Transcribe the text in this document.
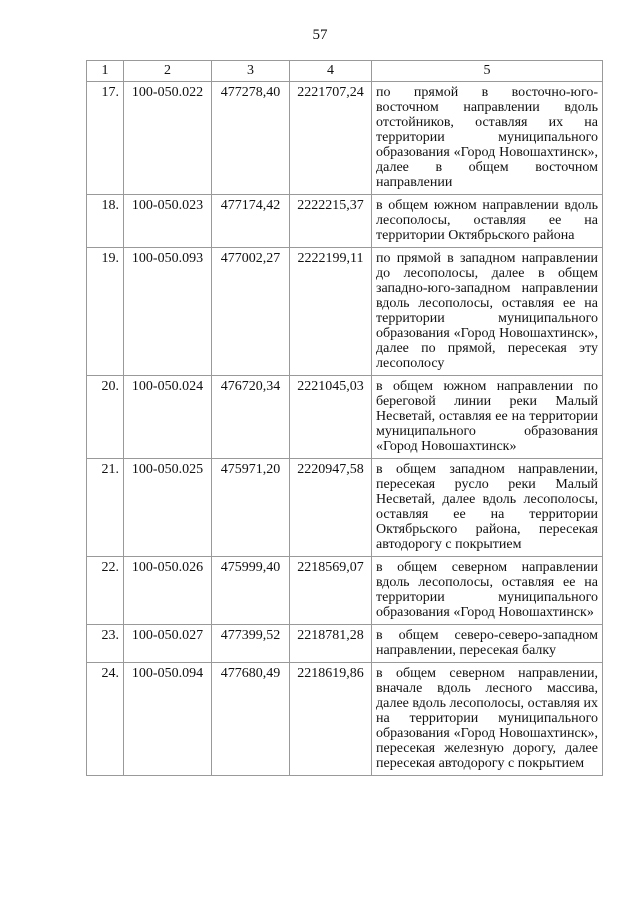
57
1	2	3	4	5
17.	100-050.022	477278,40	2221707,24	по прямой в восточно-юго-восточном направлении вдоль отстойников, оставляя их на территории муниципального образования «Город Новошахтинск», далее в общем восточном направлении
18.	100-050.023	477174,42	2222215,37	в общем южном направлении вдоль лесополосы, оставляя ее на территории Октябрьского района
19.	100-050.093	477002,27	2222199,11	по прямой в западном направлении до лесополосы, далее в общем западно-юго-западном направлении вдоль лесополосы, оставляя ее на территории муниципального образования «Город Новошахтинск», далее по прямой, пересекая эту лесополосу
20.	100-050.024	476720,34	2221045,03	в общем южном направлении по береговой линии реки Малый Несветай, оставляя ее на территории муниципального образования «Город Новошахтинск»
21.	100-050.025	475971,20	2220947,58	в общем западном направлении, пересекая русло реки Малый Несветай, далее вдоль лесополосы, оставляя ее на территории Октябрьского района, пересекая автодорогу с покрытием
22.	100-050.026	475999,40	2218569,07	в общем северном направлении вдоль лесополосы, оставляя ее на территории муниципального образования «Город Новошахтинск»
23.	100-050.027	477399,52	2218781,28	в общем северо-северо-западном направлении, пересекая балку
24.	100-050.094	477680,49	2218619,86	в общем северном направлении, вначале вдоль лесного массива, далее вдоль лесополосы, оставляя их на территории муниципального образования «Город Новошахтинск», пересекая железную дорогу, далее пересекая автодорогу с покрытием
